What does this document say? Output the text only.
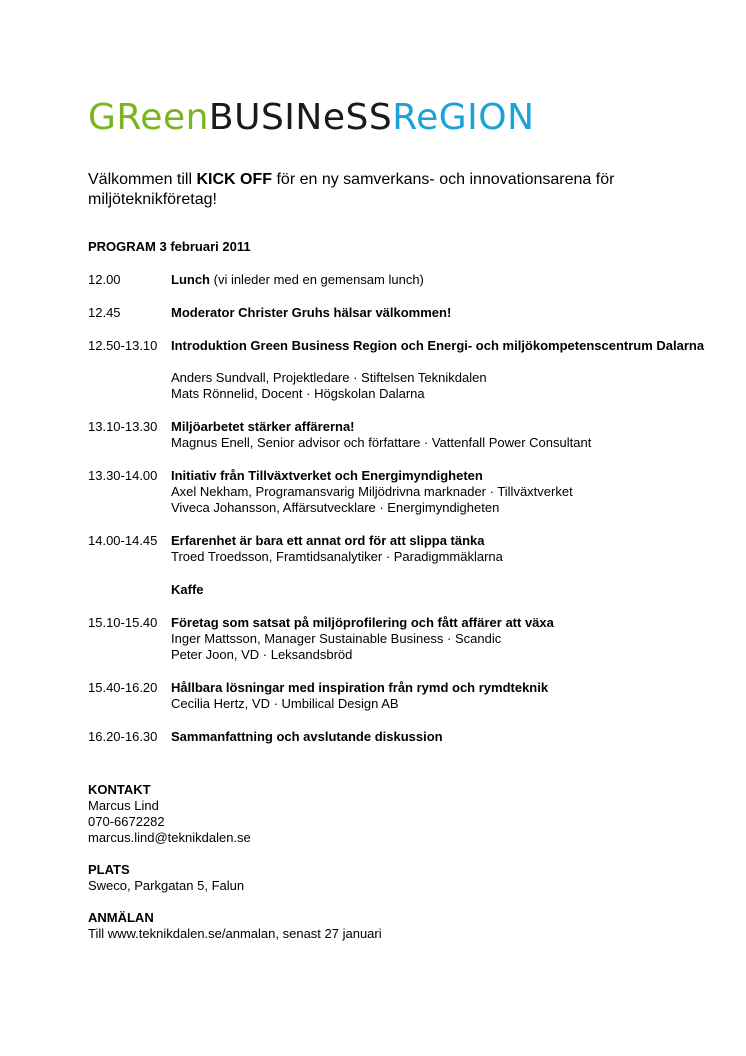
GReenBUSINeSSReGION
Välkommen till KICK OFF för en ny samverkans- och innovationsarena för miljöteknikföretag!
PROGRAM 3 februari 2011
12.00	Lunch (vi inleder med en gemensam lunch)
12.45	Moderator Christer Gruhs hälsar välkommen!
12.50-13.10	Introduktion Green Business Region och Energi- och miljökompetenscentrum Dalarna
Anders Sundvall, Projektledare · Stiftelsen Teknikdalen
Mats Rönnelid, Docent · Högskolan Dalarna
13.10-13.30	Miljöarbetet stärker affärerna!
Magnus Enell, Senior advisor och författare · Vattenfall Power Consultant
13.30-14.00	Initiativ från Tillväxtverket och Energimyndigheten
Axel Nekham, Programansvarig Miljödrivna marknader · Tillväxtverket
Viveca Johansson, Affärsutvecklare · Energimyndigheten
14.00-14.45	Erfarenhet är bara ett annat ord för att slippa tänka
Troed Troedsson, Framtidsanalytiker · Paradigmmäklarna
Kaffe
15.10-15.40	Företag som satsat på miljöprofilering och fått affärer att växa
Inger Mattsson, Manager Sustainable Business · Scandic
Peter Joon, VD · Leksandsbröd
15.40-16.20	Hållbara lösningar med inspiration från rymd och rymdteknik
Cecilia Hertz, VD · Umbilical Design AB
16.20-16.30	Sammanfattning och avslutande diskussion
KONTAKT
Marcus Lind
070-6672282
marcus.lind@teknikdalen.se
PLATS
Sweco, Parkgatan 5, Falun
ANMÄLAN
Till www.teknikdalen.se/anmalan, senast 27 januari
